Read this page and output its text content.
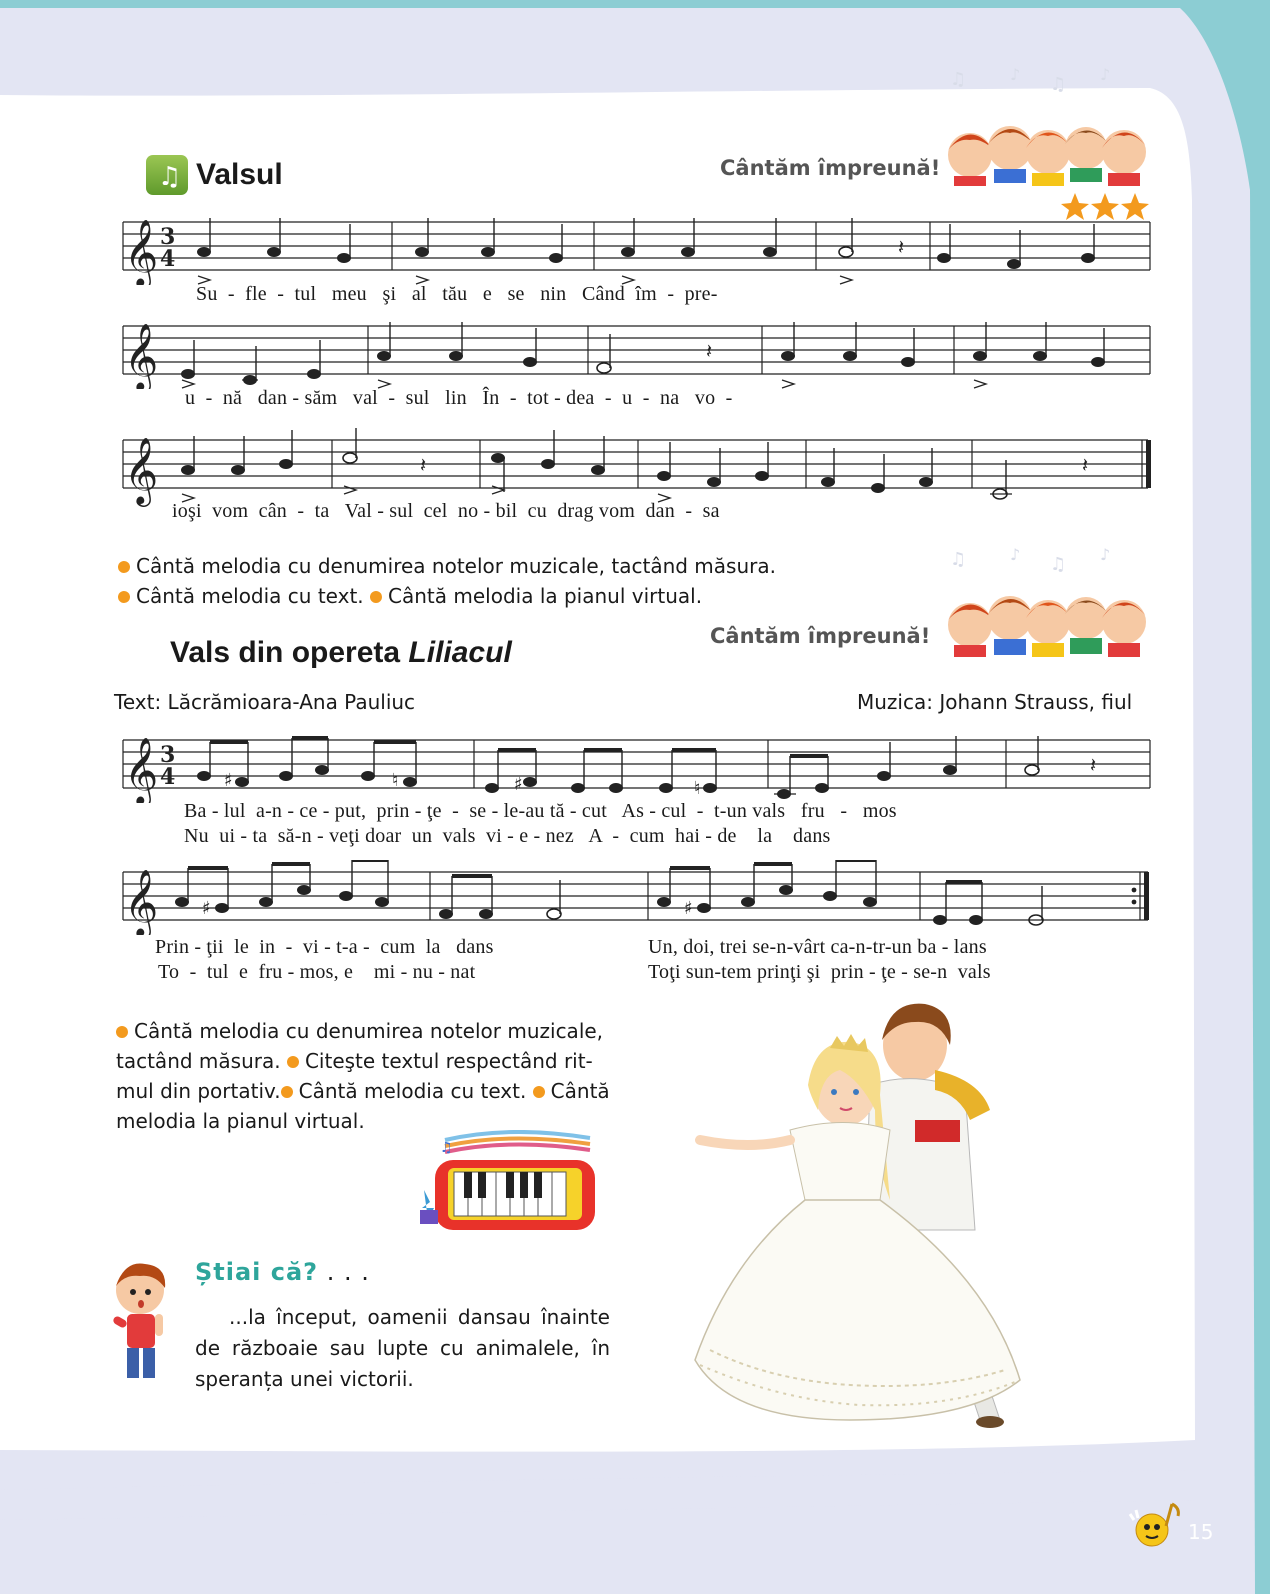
♫ Valsul	Cântăm împreună!
♫	♪ ♫ ♪
𝄞 3
4	𝄽
Su  -  fle  -  tul   meu   şi   al   tău   e   se   nin   Când  îm  -  pre-
𝄞	𝄽
u  -  nă   dan - săm   val  -  sul   lin   În  -  tot - dea  -  u  -  na   vo  -
𝄞	𝄽	𝄽
ioşi  vom  cân  -  ta   Val - sul  cel  no - bil  cu  drag vom  dan  -  sa
Cântă melodia cu denumirea notelor muzicale, tactând măsura.
Cântă melodia cu text. Cântă melodia la pianul virtual.
Vals din opereta Liliacul	Cântăm împreună!
♫	♪ ♫ ♪
Text: Lăcrămioara-Ana Pauliuc	Muzica: Johann Strauss, fiul
𝄞 3
4	♯	♮	♯	♮
𝄽
Ba - lul  a-n - ce - put,  prin - ţe  -  se - le-au tă - cut   As - cul  -  t-un vals   fru   -   mos
Nu  ui - ta  să-n - veţi doar  un  vals  vi - e - nez   A  -  cum  hai - de    la    dans
𝄞 ♯	♯
Prin - ţii  le  in  -  vi - t-a -  cum  la   dans
To  -  tul  e  fru - mos, e    mi - nu - nat
Un, doi, trei se-n-vârt ca-n-tr-un ba - lans
Toţi sun-tem prinţi şi  prin - ţe - se-n  vals
Cântă melodia cu denumirea notelor muzicale,
tactând măsura. Citeşte textul respectând rit-
mul din portativ. Cântă melodia cu text. Cântă
melodia la pianul virtual.
♫
Știai că? . . .
...la început, oamenii dansau înainte de războaie sau lupte cu animalele, în speranța unei victorii.
15
